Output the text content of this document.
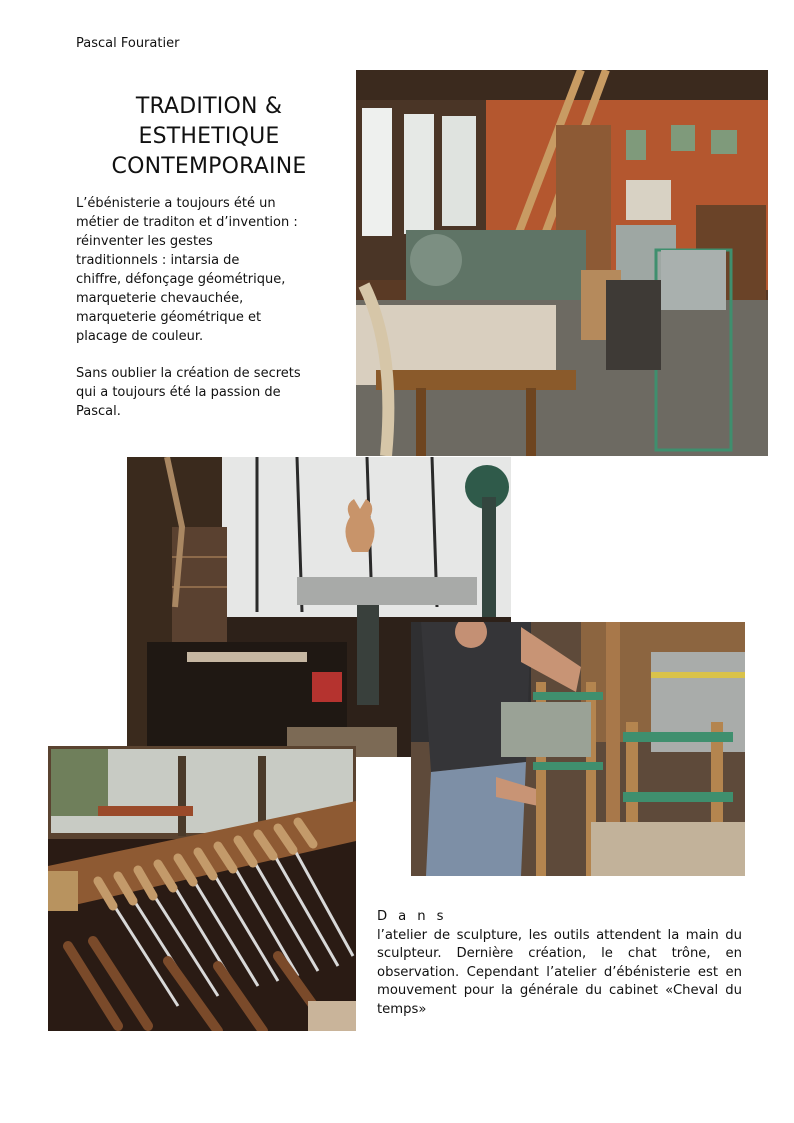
Pascal Fouratier
TRADITION &
ESTHETIQUE
CONTEMPORAINE

L’ébénisterie a toujours été un
métier de traditon et d’invention :
réinventer les gestes
traditionnels : intarsia de
chiffre, défonçage géométrique,
marqueterie chevauchée,
marqueterie géométrique et
placage de couleur.

Sans oublier la création de secrets
qui a toujours été la passion de
Pascal.

Dans
l’atelier de sculpture, les outils attendent la main du sculpteur. Dernière création, le chat trône, en observation. Cependant l’atelier d’ébénisterie est en mouvement pour la générale du cabinet «Cheval du temps»
